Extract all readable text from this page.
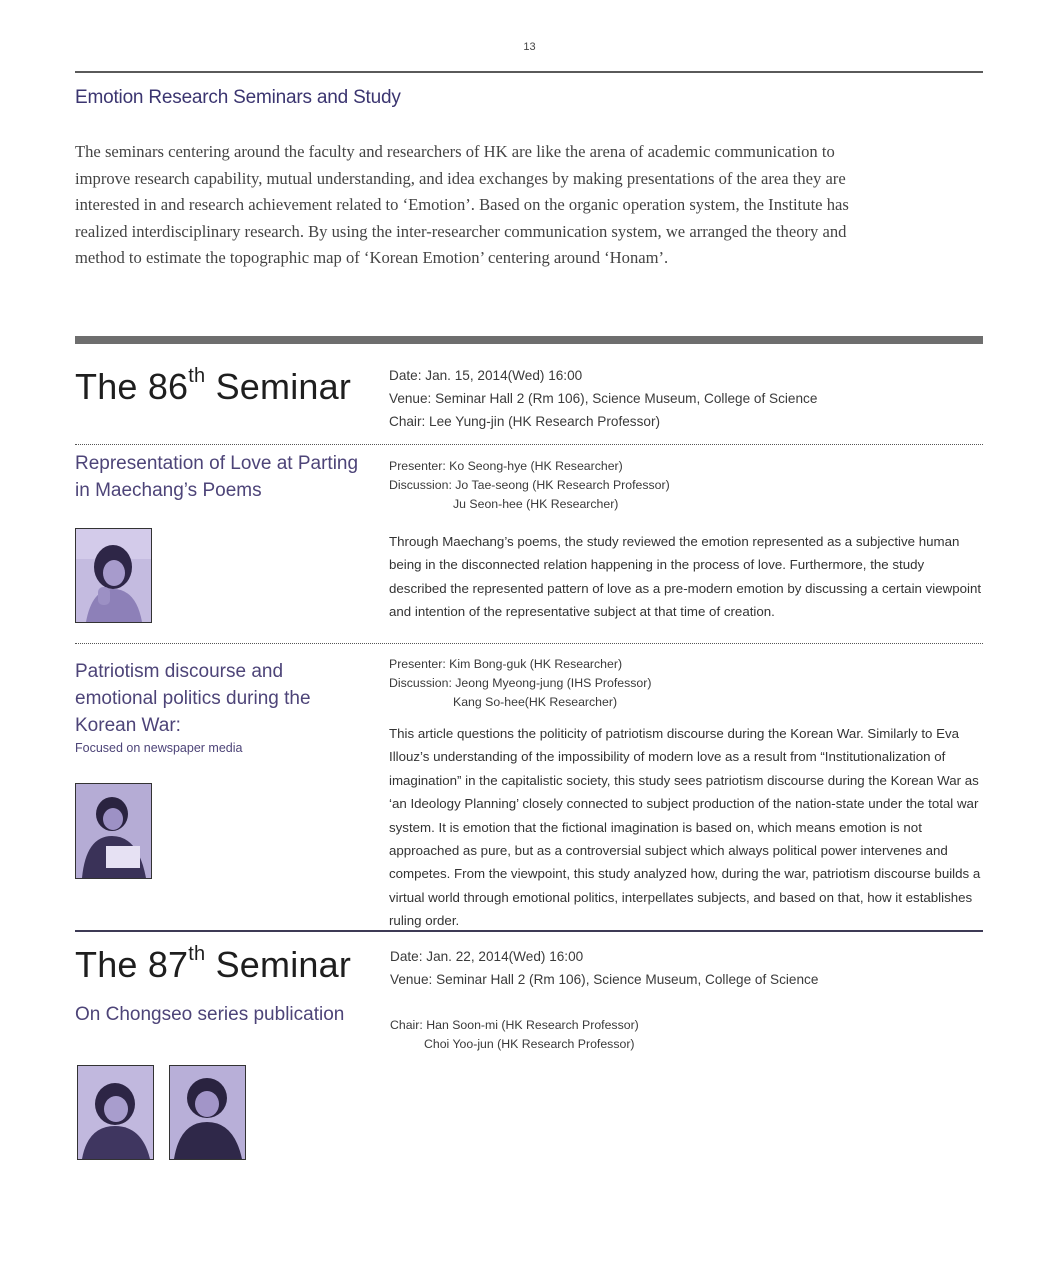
13
Emotion Research Seminars and Study
The seminars centering around the faculty and researchers of HK are like the arena of academic communication to improve research capability, mutual understanding, and idea exchanges by making presentations of the area they are interested in and research achievement related to ‘Emotion’. Based on the organic operation system, the Institute has realized interdisciplinary research. By using the inter-researcher communication system, we arranged the theory and method to estimate the topographic map of ‘Korean Emotion’ centering around ‘Honam’.
The 86th Seminar	Date: Jan. 15, 2014(Wed) 16:00
Venue: Seminar Hall 2 (Rm 106), Science Museum, College of Science
Chair: Lee Yung-jin (HK Research Professor)
Representation of Love at Parting in Maechang’s Poems
Presenter: Ko Seong-hye (HK Researcher)
Discussion: Jo Tae-seong (HK Research Professor)
Ju Seon-hee (HK Researcher)
Through Maechang’s poems, the study reviewed the emotion represented as a subjective human being in the disconnected relation happening in the process of love. Furthermore, the study described the represented pattern of love as a pre-modern emotion by discussing a certain viewpoint and intention of the representative subject at that time of creation.
Patriotism discourse and emotional politics during the Korean War:
Focused on newspaper media
Presenter: Kim Bong-guk (HK Researcher)
Discussion: Jeong Myeong-jung (IHS Professor)
Kang So-hee(HK Researcher)
This article questions the politicity of patriotism discourse during the Korean War. Similarly to Eva Illouz’s understanding of the impossibility of modern love as a result from “Institutionalization of imagination” in the capitalistic society, this study sees patriotism discourse during the Korean War as ‘an Ideology Planning’ closely connected to subject production of the nation-state under the total war system. It is emotion that the fictional imagination is based on, which means emotion is not approached as pure, but as a controversial subject which always political power intervenes and competes. From the viewpoint, this study analyzed how, during the war, patriotism discourse builds a virtual world through emotional politics, interpellates subjects, and based on that, how it establishes ruling order.
The 87th Seminar
On Chongseo series publication
Date: Jan. 22, 2014(Wed) 16:00
Venue: Seminar Hall 2 (Rm 106), Science Museum, College of Science
Chair: Han Soon-mi (HK Research Professor)
Choi Yoo-jun (HK Research Professor)
